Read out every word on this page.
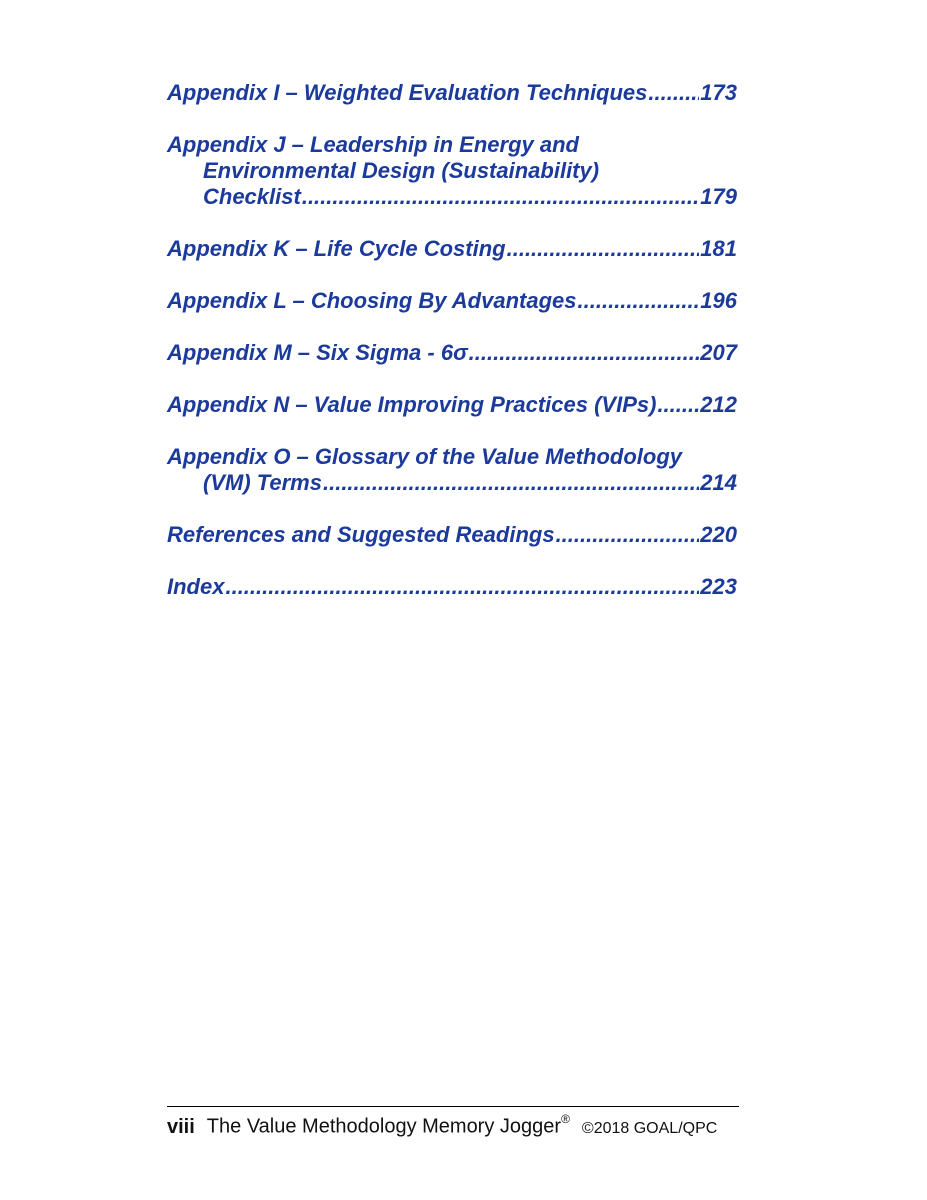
Appendix I – Weighted Evaluation Techniques ..... 173
Appendix J – Leadership in Energy and
Environmental Design (Sustainability)
Checklist .....	179
Appendix K – Life Cycle Costing .....	181
Appendix L – Choosing By Advantages .....	196
Appendix M – Six Sigma - 6σ .....	207
Appendix N – Value Improving Practices (VIPs) ..... 212
Appendix O – Glossary of the Value Methodology
(VM) Terms .....	214
References and Suggested Readings .....	220
Index .....	223
viii The Value Methodology Memory Jogger®©2018 GOAL/QPC
